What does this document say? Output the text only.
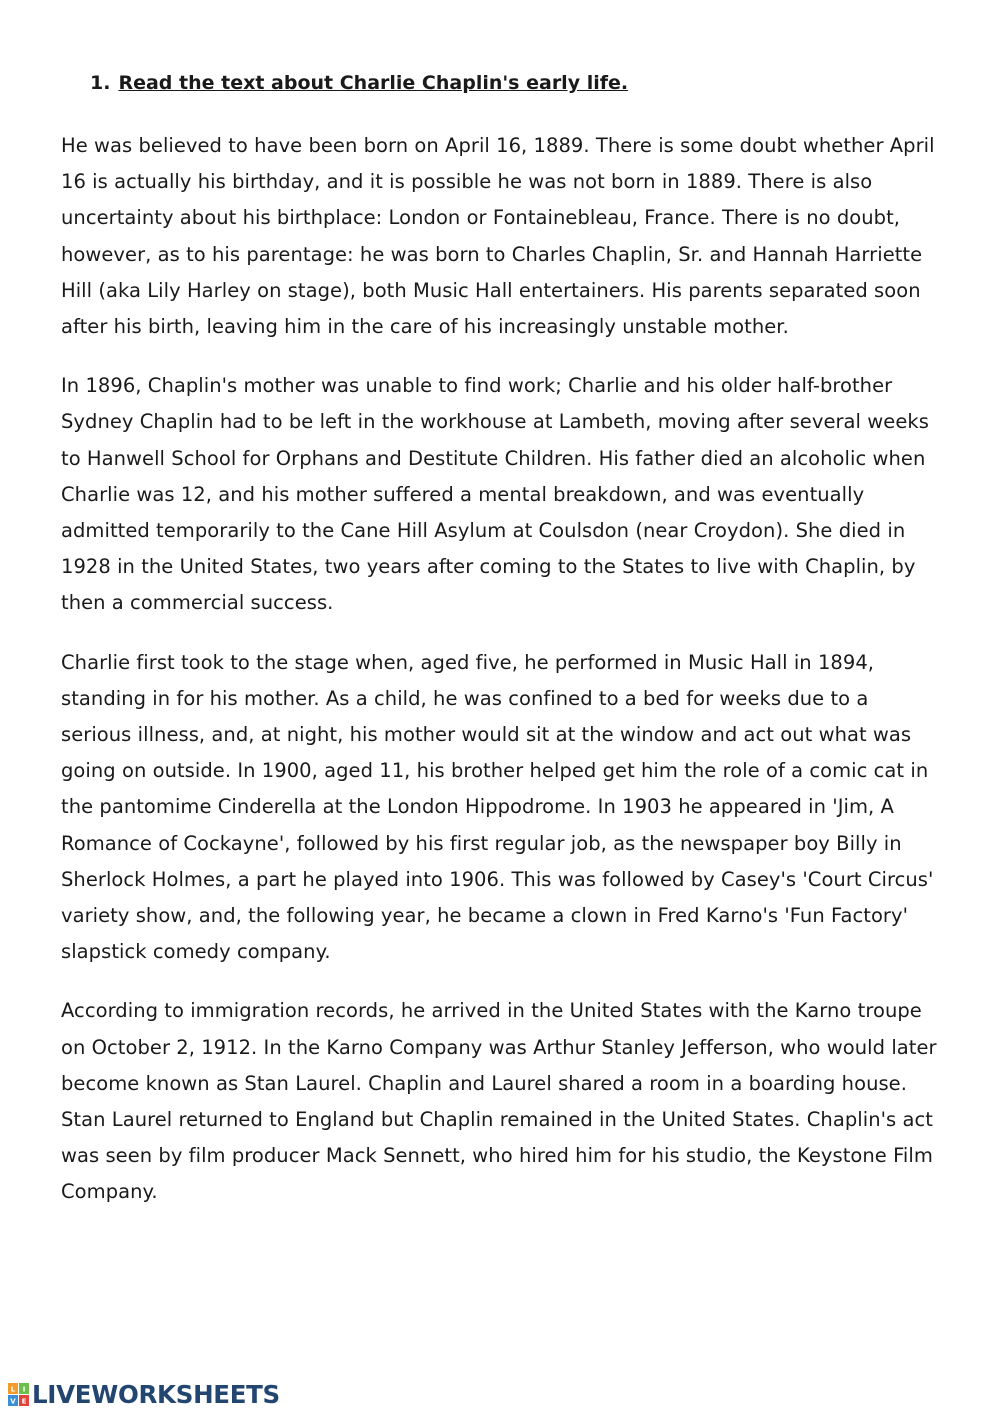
1. Read the text about Charlie Chaplin's early life.

He was believed to have been born on April 16, 1889. There is some doubt whether April 16 is actually his birthday, and it is possible he was not born in 1889. There is also uncertainty about his birthplace: London or Fontainebleau, France. There is no doubt, however, as to his parentage: he was born to Charles Chaplin, Sr. and Hannah Harriette Hill (aka Lily Harley on stage), both Music Hall entertainers. His parents separated soon after his birth, leaving him in the care of his increasingly unstable mother.

In 1896, Chaplin's mother was unable to find work; Charlie and his older half-brother Sydney Chaplin had to be left in the workhouse at Lambeth, moving after several weeks to Hanwell School for Orphans and Destitute Children. His father died an alcoholic when Charlie was 12, and his mother suffered a mental breakdown, and was eventually admitted temporarily to the Cane Hill Asylum at Coulsdon (near Croydon). She died in 1928 in the United States, two years after coming to the States to live with Chaplin, by then a commercial success.

Charlie first took to the stage when, aged five, he performed in Music Hall in 1894, standing in for his mother. As a child, he was confined to a bed for weeks due to a serious illness, and, at night, his mother would sit at the window and act out what was going on outside. In 1900, aged 11, his brother helped get him the role of a comic cat in the pantomime Cinderella at the London Hippodrome. In 1903 he appeared in 'Jim, A Romance of Cockayne', followed by his first regular job, as the newspaper boy Billy in Sherlock Holmes, a part he played into 1906. This was followed by Casey's 'Court Circus' variety show, and, the following year, he became a clown in Fred Karno's 'Fun Factory' slapstick comedy company.

According to immigration records, he arrived in the United States with the Karno troupe on October 2, 1912. In the Karno Company was Arthur Stanley Jefferson, who would later become known as Stan Laurel. Chaplin and Laurel shared a room in a boarding house. Stan Laurel returned to England but Chaplin remained in the United States. Chaplin's act was seen by film producer Mack Sennett, who hired him for his studio, the Keystone Film Company.

L I
V E LIVEWORKSHEETS
